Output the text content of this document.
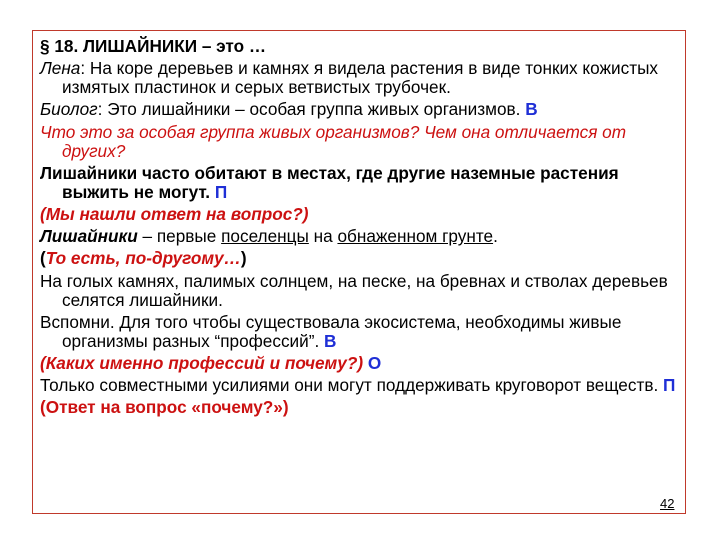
§ 18. ЛИШАЙНИКИ – это …
Лена: На коре деревьев и камнях я видела растения в виде тонких кожистых измятых пластинок и серых ветвистых трубочек.
Биолог: Это лишайники – особая группа живых организмов. В
Что это за особая группа живых организмов? Чем она отличается от других?
Лишайники часто обитают в местах, где другие наземные растения выжить не могут. П
(Мы нашли ответ на вопрос?)
Лишайники – первые поселенцы на обнаженном грунте.
(То есть, по-другому…)
На голых камнях, палимых солнцем, на песке, на бревнах и стволах деревьев селятся лишайники.
Вспомни. Для того чтобы существовала экосистема, необходимы живые организмы разных “профессий”. В
(Каких именно профессий и почему?) О
Только совместными усилиями они могут поддерживать круговорот веществ. П
(Ответ на вопрос «почему?»)
42
